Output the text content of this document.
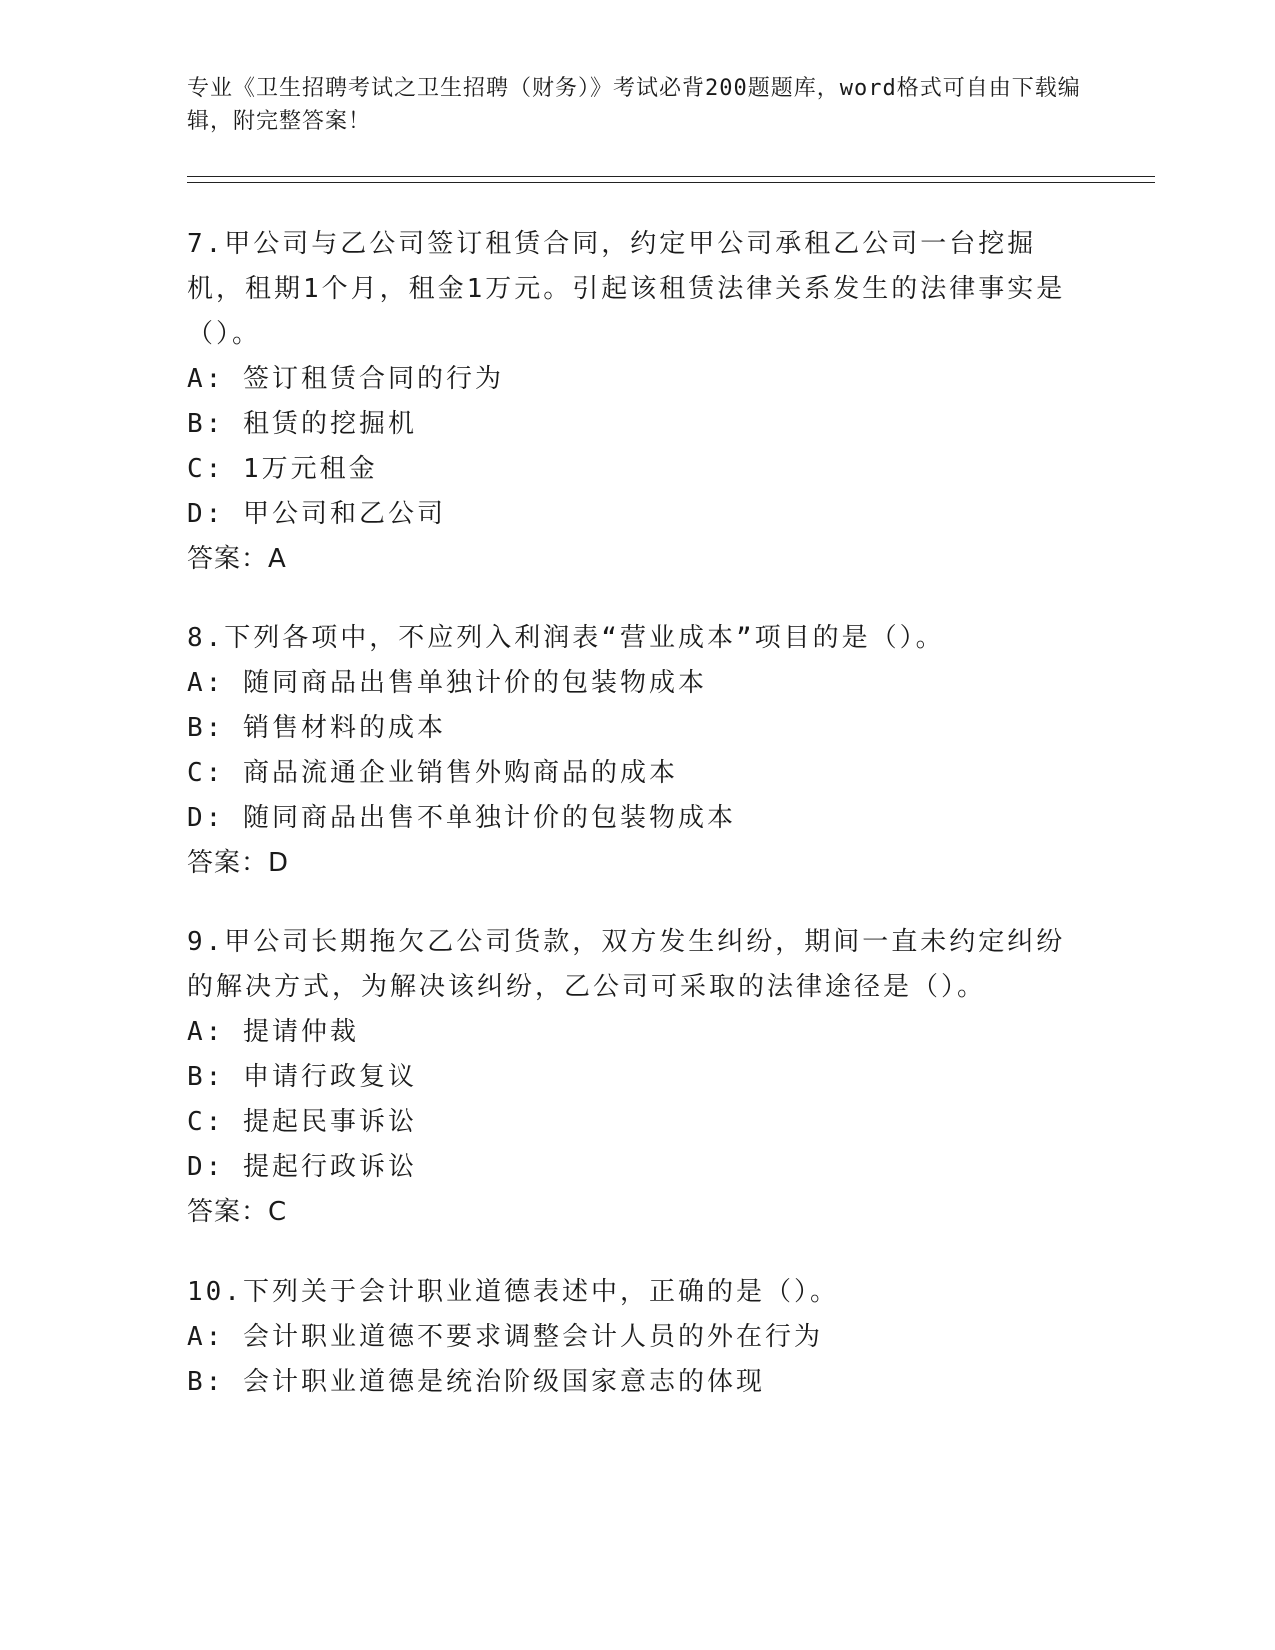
专业《卫生招聘考试之卫生招聘（财务）》考试必背200题题库，word格式可自由下载编辑，附完整答案！
7.甲公司与乙公司签订租赁合同，约定甲公司承租乙公司一台挖掘机，租期1个月，租金1万元。引起该租赁法律关系发生的法律事实是（）。
A: 签订租赁合同的行为
B: 租赁的挖掘机
C: 1万元租金
D: 甲公司和乙公司
答案：A
8.下列各项中，不应列入利润表“营业成本”项目的是（）。
A: 随同商品出售单独计价的包装物成本
B: 销售材料的成本
C: 商品流通企业销售外购商品的成本
D: 随同商品出售不单独计价的包装物成本
答案：D
9.甲公司长期拖欠乙公司货款，双方发生纠纷，期间一直未约定纠纷的解决方式，为解决该纠纷，乙公司可采取的法律途径是（）。
A: 提请仲裁
B: 申请行政复议
C: 提起民事诉讼
D: 提起行政诉讼
答案：C
10.下列关于会计职业道德表述中，正确的是（）。
A: 会计职业道德不要求调整会计人员的外在行为
B: 会计职业道德是统治阶级国家意志的体现
